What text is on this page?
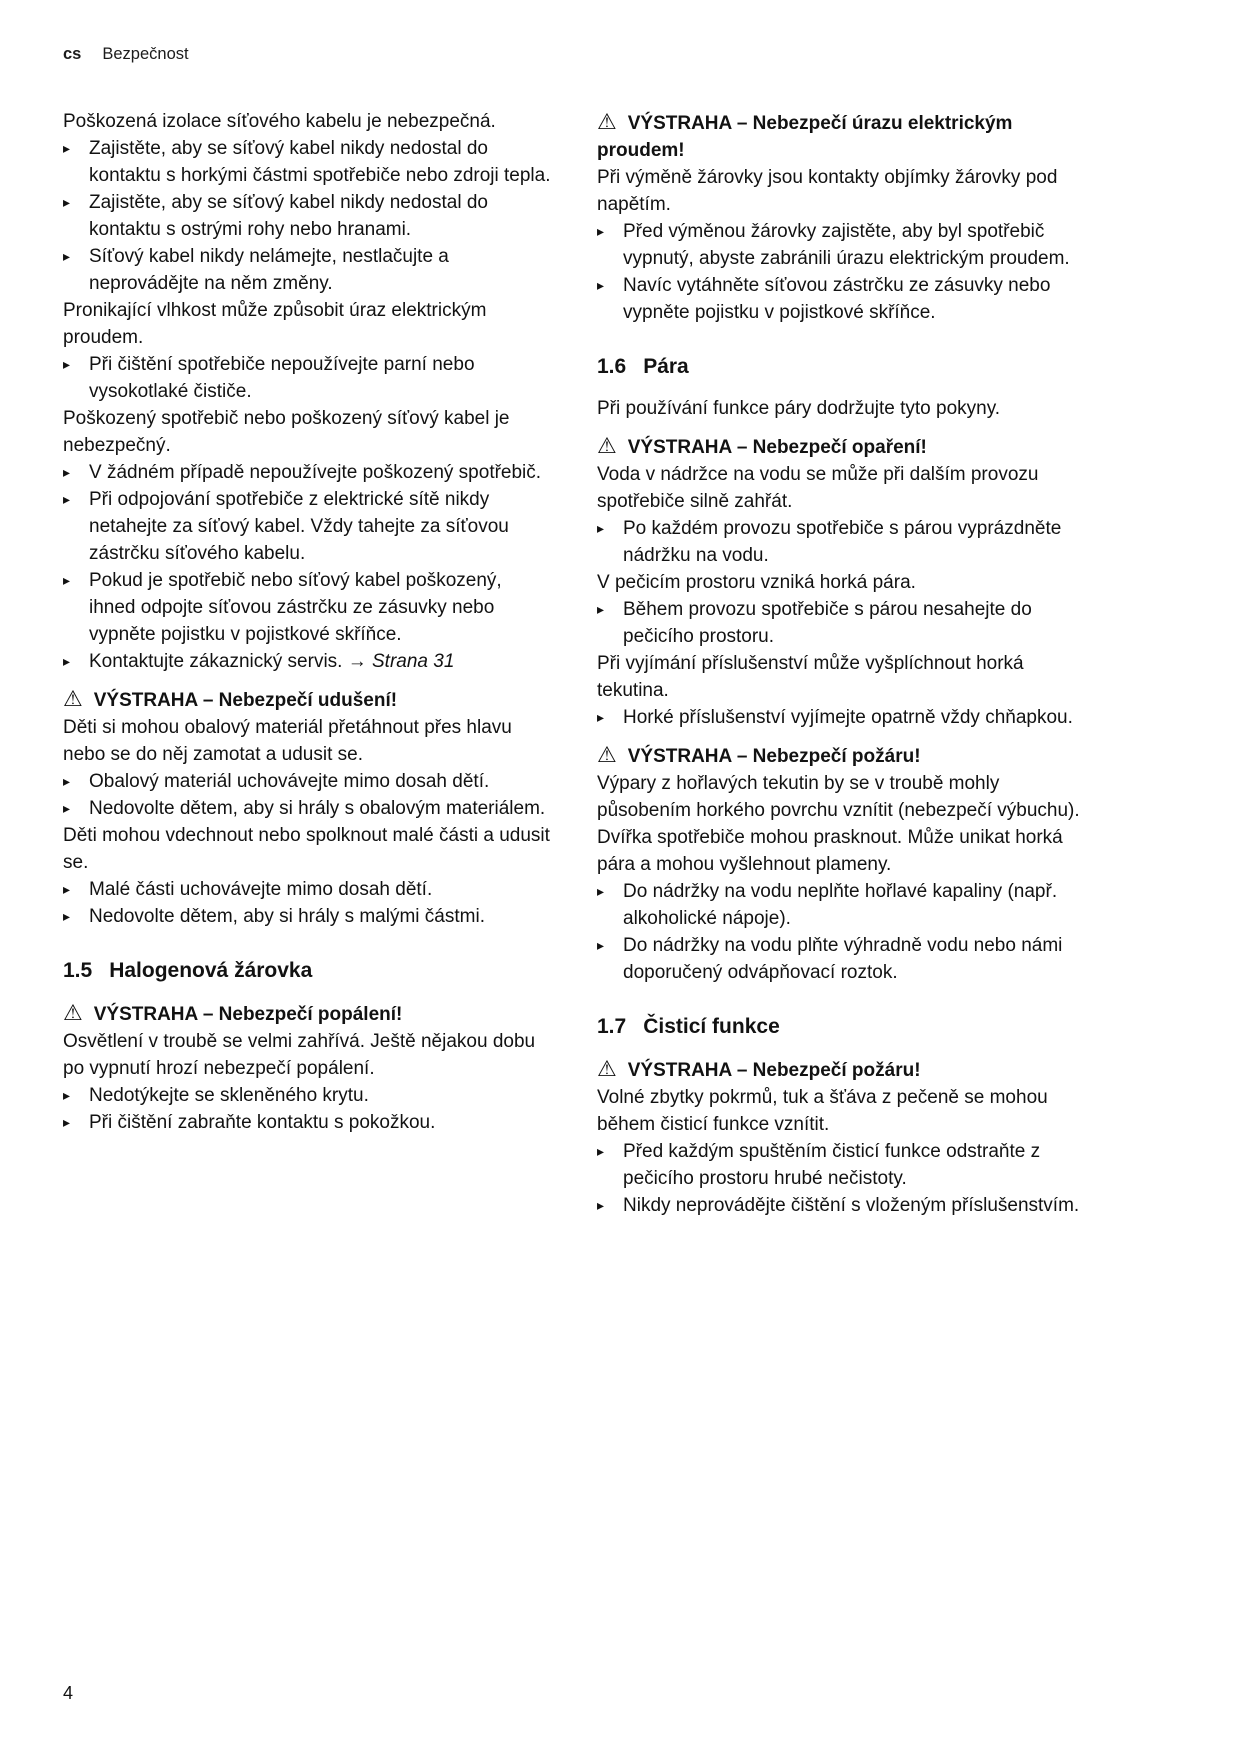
cs Bezpečnost

Poškozená izolace síťového kabelu je nebezpečná.

▸ Zajistěte, aby se síťový kabel nikdy nedostal do kontaktu s horkými částmi spotřebiče nebo zdroji tepla.
▸ Zajistěte, aby se síťový kabel nikdy nedostal do kontaktu s ostrými rohy nebo hranami.
▸ Síťový kabel nikdy nelámejte, nestlačujte a neprovádějte na něm změny.

Pronikající vlhkost může způsobit úraz elektrickým proudem.

▸ Při čištění spotřebiče nepoužívejte parní nebo vysokotlaké čističe.

Poškozený spotřebič nebo poškozený síťový kabel je nebezpečný.

▸ V žádném případě nepoužívejte poškozený spotřebič.
▸ Při odpojování spotřebiče z elektrické sítě nikdy netahejte za síťový kabel. Vždy tahejte za síťovou zástrčku síťového kabelu.
▸ Pokud je spotřebič nebo síťový kabel poškozený, ihned odpojte síťovou zástrčku ze zásuvky nebo vypněte pojistku v pojistkové skříňce.
▸ Kontaktujte zákaznický servis. → Strana 31

⚠ VÝSTRAHA – Nebezpečí udušení!

Děti si mohou obalový materiál přetáhnout přes hlavu nebo se do něj zamotat a udusit se.

▸ Obalový materiál uchovávejte mimo dosah dětí.
▸ Nedovolte dětem, aby si hrály s obalovým materiálem.

Děti mohou vdechnout nebo spolknout malé části a udusit se.

▸ Malé části uchovávejte mimo dosah dětí.
▸ Nedovolte dětem, aby si hrály s malými částmi.
1.5 Halogenová žárovka

⚠ VÝSTRAHA – Nebezpečí popálení!

Osvětlení v troubě se velmi zahřívá. Ještě nějakou dobu po vypnutí hrozí nebezpečí popálení.

▸ Nedotýkejte se skleněného krytu.
▸ Při čištění zabraňte kontaktu s pokožkou.

⚠ VÝSTRAHA – Nebezpečí úrazu elektrickým proudem!

Při výměně žárovky jsou kontakty objímky žárovky pod napětím.

▸ Před výměnou žárovky zajistěte, aby byl spotřebič vypnutý, abyste zabránili úrazu elektrickým proudem.
▸ Navíc vytáhněte síťovou zástrčku ze zásuvky nebo vypněte pojistku v pojistkové skříňce.
1.6 Pára

Při používání funkce páry dodržujte tyto pokyny.

⚠ VÝSTRAHA – Nebezpečí opaření!

Voda v nádržce na vodu se může při dalším provozu spotřebiče silně zahřát.

▸ Po každém provozu spotřebiče s párou vyprázdněte nádržku na vodu.

V pečicím prostoru vzniká horká pára.

▸ Během provozu spotřebiče s párou nesahejte do pečicího prostoru.

Při vyjímání příslušenství může vyšplíchnout horká tekutina.

▸ Horké příslušenství vyjímejte opatrně vždy chňapkou.

⚠ VÝSTRAHA – Nebezpečí požáru!

Výpary z hořlavých tekutin by se v troubě mohly působením horkého povrchu vznítit (nebezpečí výbuchu). Dvířka spotřebiče mohou prasknout. Může unikat horká pára a mohou vyšlehnout plameny.

▸ Do nádržky na vodu neplňte hořlavé kapaliny (např. alkoholické nápoje).
▸ Do nádržky na vodu plňte výhradně vodu nebo námi doporučený odvápňovací roztok.
1.7 Čisticí funkce

⚠ VÝSTRAHA – Nebezpečí požáru!

Volné zbytky pokrmů, tuk a šťáva z pečeně se mohou během čisticí funkce vznítit.

▸ Před každým spuštěním čisticí funkce odstraňte z pečicího prostoru hrubé nečistoty.
▸ Nikdy neprovádějte čištění s vloženým příslušenstvím.
4
